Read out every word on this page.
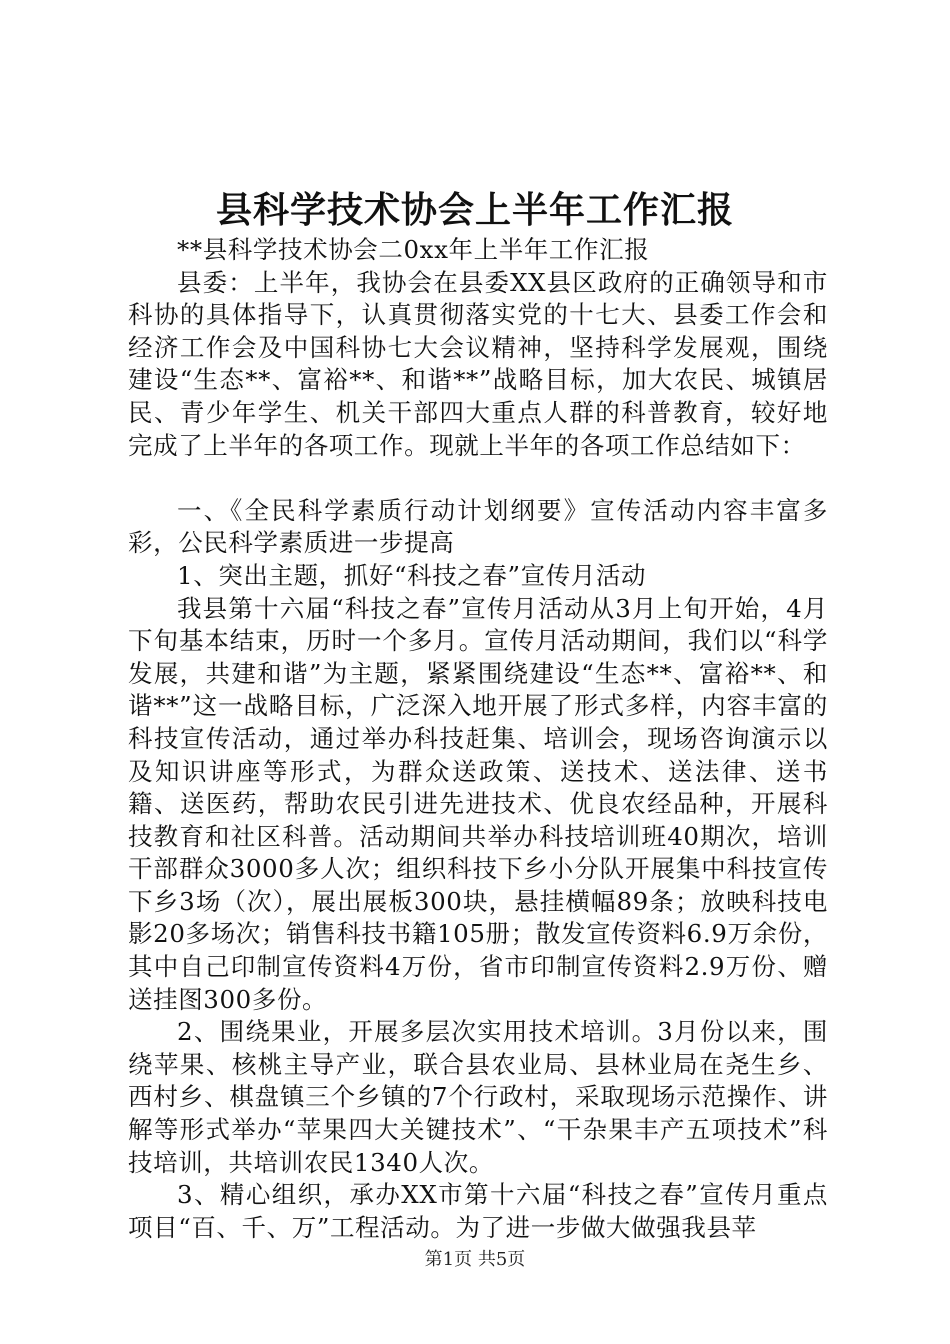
县科学技术协会上半年工作汇报

**县科学技术协会二0xx年上半年工作汇报

县委：上半年，我协会在县委XX县区政府的正确领导和市科协的具体指导下，认真贯彻落实党的十七大、县委工作会和经济工作会及中国科协七大会议精神，坚持科学发展观，围绕建设“生态**、富裕**、和谐**”战略目标，加大农民、城镇居民、青少年学生、机关干部四大重点人群的科普教育，较好地完成了上半年的各项工作。现就上半年的各项工作总结如下：

一、《全民科学素质行动计划纲要》宣传活动内容丰富多彩，公民科学素质进一步提高

1、突出主题，抓好“科技之春”宣传月活动

我县第十六届“科技之春”宣传月活动从3月上旬开始，4月下旬基本结束，历时一个多月。宣传月活动期间，我们以“科学发展，共建和谐”为主题，紧紧围绕建设“生态**、富裕**、和谐**”这一战略目标，广泛深入地开展了形式多样，内容丰富的科技宣传活动，通过举办科技赶集、培训会，现场咨询演示以及知识讲座等形式，为群众送政策、送技术、送法律、送书籍、送医药，帮助农民引进先进技术、优良农经品种，开展科技教育和社区科普。活动期间共举办科技培训班40期次，培训干部群众3000多人次；组织科技下乡小分队开展集中科技宣传下乡3场（次），展出展板300块，悬挂横幅89条；放映科技电影20多场次；销售科技书籍105册；散发宣传资料6.9万余份，其中自己印制宣传资料4万份，省市印制宣传资料2.9万份、赠送挂图300多份。

2、围绕果业，开展多层次实用技术培训。3月份以来，围绕苹果、核桃主导产业，联合县农业局、县林业局在尧生乡、西村乡、棋盘镇三个乡镇的7个行政村，采取现场示范操作、讲解等形式举办“苹果四大关键技术”、“干杂果丰产五项技术”科技培训，共培训农民1340人次。

3、精心组织，承办XX市第十六届“科技之春”宣传月重点项目“百、千、万”工程活动。为了进一步做大做强我县苹

第1页 共5页
